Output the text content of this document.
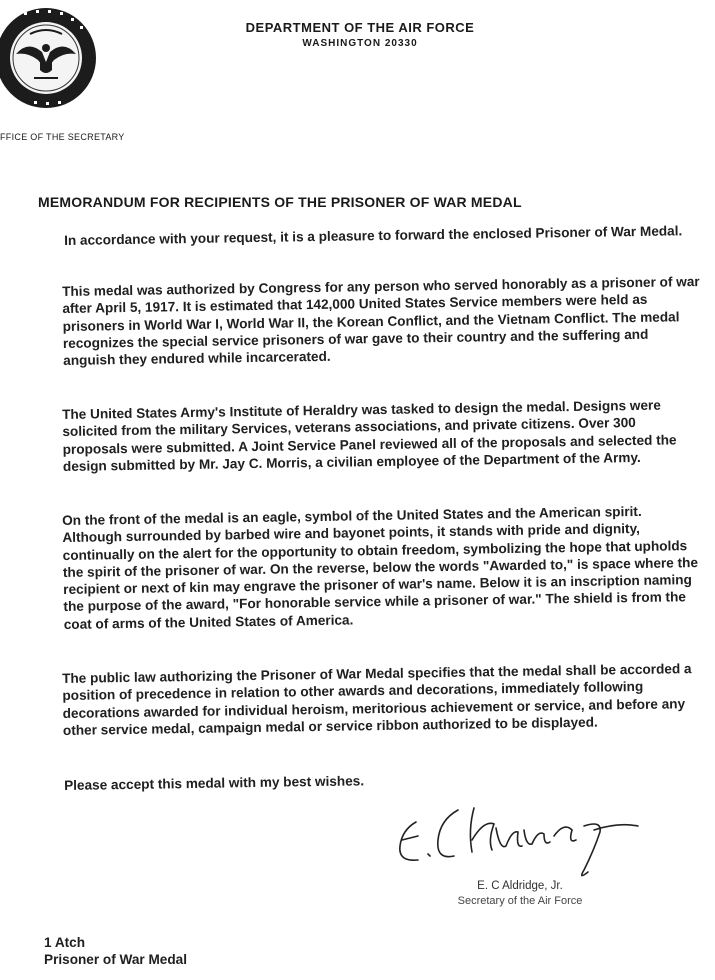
DEPARTMENT OF THE AIR FORCE
WASHINGTON 20330
FFICE OF THE SECRETARY
MEMORANDUM FOR RECIPIENTS OF THE PRISONER OF WAR MEDAL

In accordance with your request, it is a pleasure to forward the enclosed Prisoner of War Medal.

This medal was authorized by Congress for any person who served honorably as a prisoner of war after April 5, 1917. It is estimated that 142,000 United States Service members were held as prisoners in World War I, World War II, the Korean Conflict, and the Vietnam Conflict. The medal recognizes the special service prisoners of war gave to their country and the suffering and anguish they endured while incarcerated.

The United States Army's Institute of Heraldry was tasked to design the medal. Designs were solicited from the military Services, veterans associations, and private citizens. Over 300 proposals were submitted. A Joint Service Panel reviewed all of the proposals and selected the design submitted by Mr. Jay C. Morris, a civilian employee of the Department of the Army.

On the front of the medal is an eagle, symbol of the United States and the American spirit. Although surrounded by barbed wire and bayonet points, it stands with pride and dignity, continually on the alert for the opportunity to obtain freedom, symbolizing the hope that upholds the spirit of the prisoner of war. On the reverse, below the words "Awarded to," is space where the recipient or next of kin may engrave the prisoner of war's name. Below it is an inscription naming the purpose of the award, "For honorable service while a prisoner of war." The shield is from the coat of arms of the United States of America.

The public law authorizing the Prisoner of War Medal specifies that the medal shall be accorded a position of precedence in relation to other awards and decorations, immediately following decorations awarded for individual heroism, meritorious achievement or service, and before any other service medal, campaign medal or service ribbon authorized to be displayed.

Please accept this medal with my best wishes.

E. C Aldridge, Jr.
Secretary of the Air Force
1 Atch
Prisoner of War Medal
